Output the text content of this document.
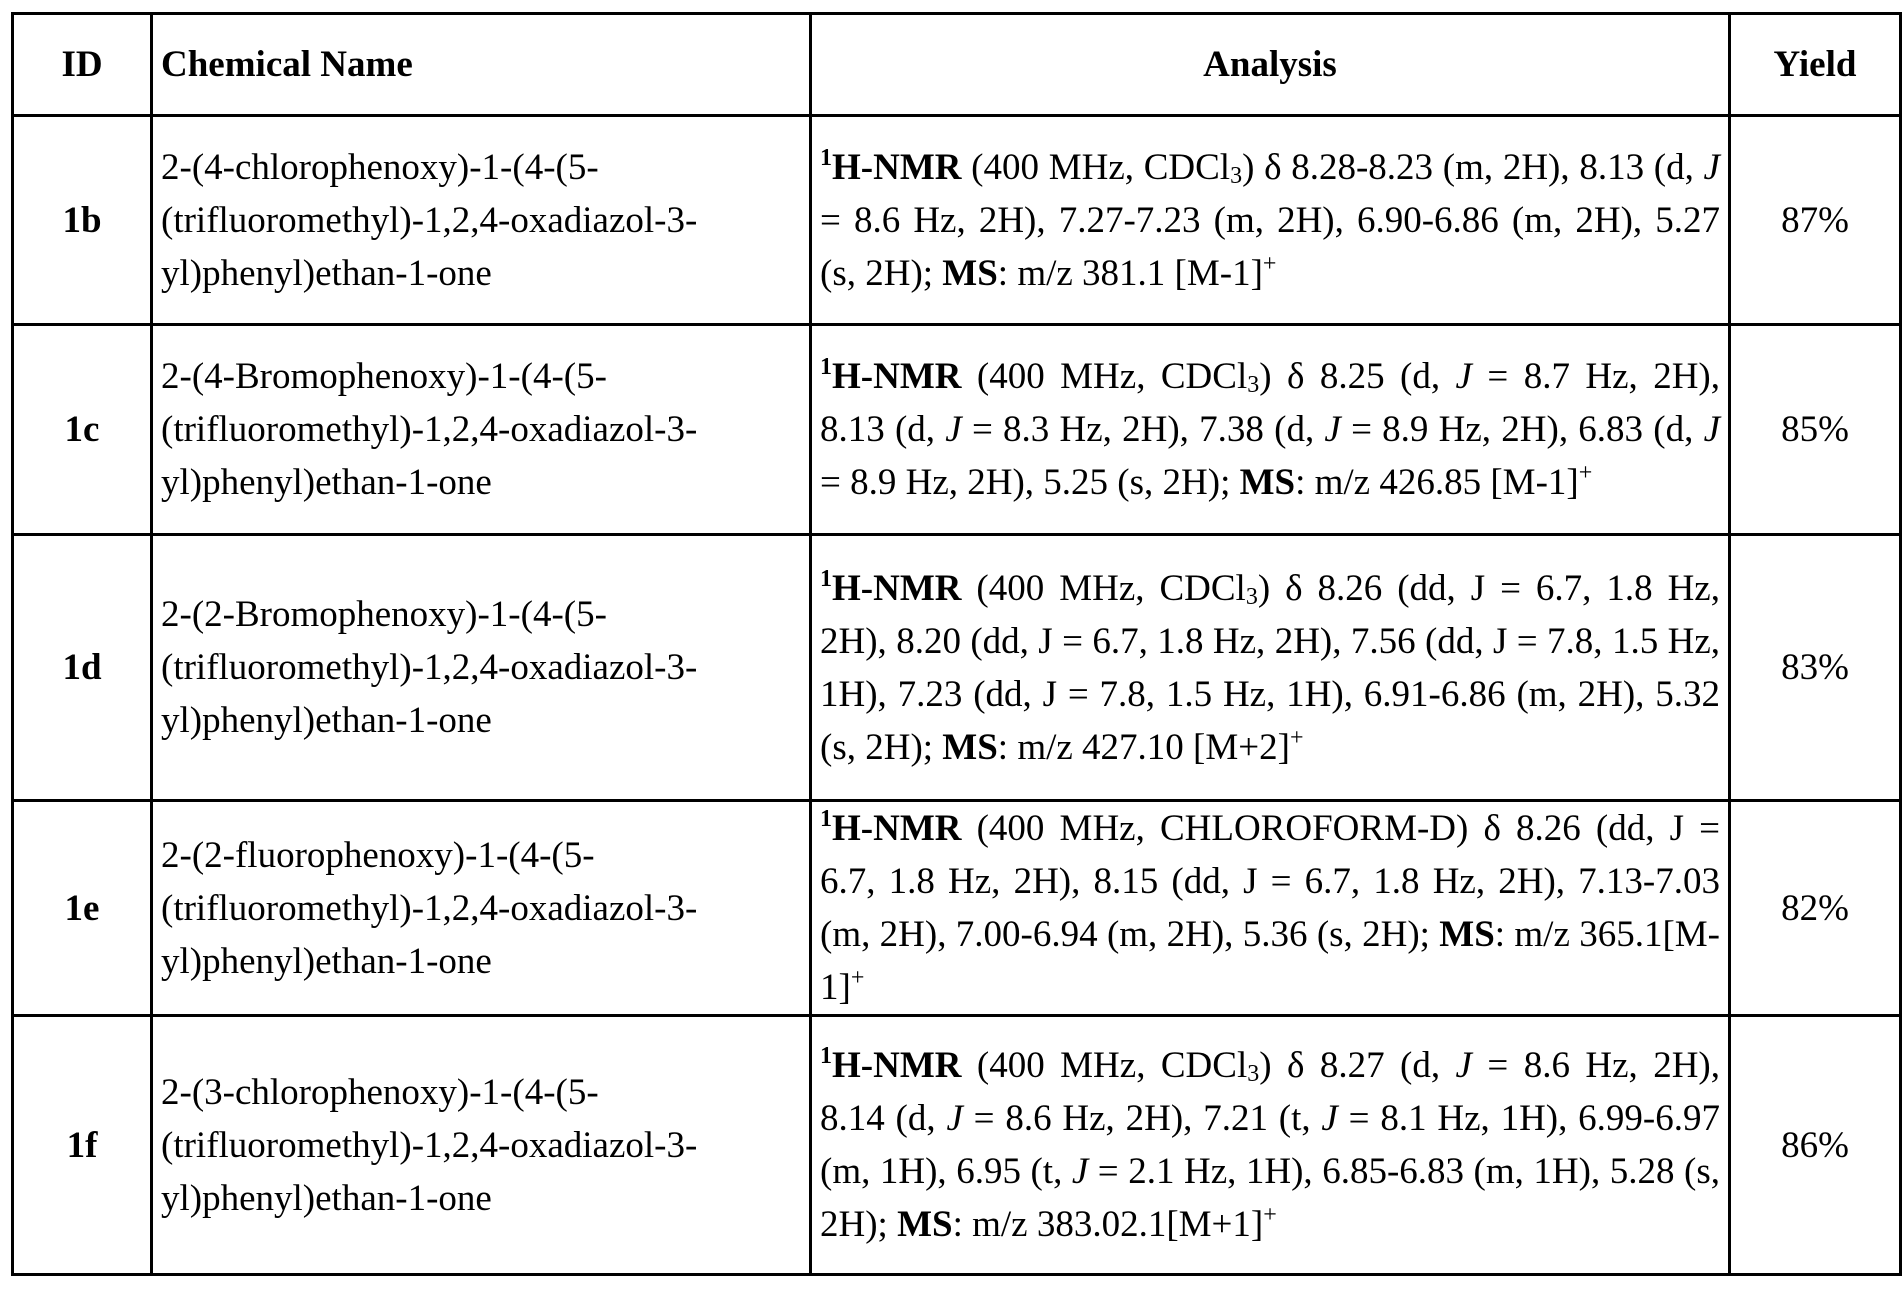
ID	Chemical Name	Analysis	Yield
1b	2-(4-chlorophenoxy)-1-(4-(5-(trifluoromethyl)-1,2,4-oxadiazol-3-yl)phenyl)ethan-1-one	$^1$H-NMR (400 MHz, CDCl$_3$) δ 8.28-8.23 (m, 2H), 8.13 (d, J = 8.6 Hz, 2H), 7.27-7.23 (m, 2H), 6.90-6.86 (m, 2H), 5.27 (s, 2H); MS: m/z 381.1 [M-1]+	87%
1c	2-(4-Bromophenoxy)-1-(4-(5-(trifluoromethyl)-1,2,4-oxadiazol-3-yl)phenyl)ethan-1-one	$^1$H-NMR (400 MHz, CDCl$_3$) δ 8.25 (d, J = 8.7 Hz, 2H), 8.13 (d, J = 8.3 Hz, 2H), 7.38 (d, J = 8.9 Hz, 2H), 6.83 (d, J = 8.9 Hz, 2H), 5.25 (s, 2H); MS: m/z 426.85 [M-1]+	85%
1d	2-(2-Bromophenoxy)-1-(4-(5-(trifluoromethyl)-1,2,4-oxadiazol-3-yl)phenyl)ethan-1-one	$^1$H-NMR (400 MHz, CDCl$_3$) δ 8.26 (dd, J = 6.7, 1.8 Hz, 2H), 8.20 (dd, J = 6.7, 1.8 Hz, 2H), 7.56 (dd, J = 7.8, 1.5 Hz, 1H), 7.23 (dd, J = 7.8, 1.5 Hz, 1H), 6.91-6.86 (m, 2H), 5.32 (s, 2H); MS: m/z 427.10 [M+2]+	83%
1e	2-(2-fluorophenoxy)-1-(4-(5-(trifluoromethyl)-1,2,4-oxadiazol-3-yl)phenyl)ethan-1-one	$^1$H-NMR (400 MHz, CHLOROFORM-D) δ 8.26 (dd, J = 6.7, 1.8 Hz, 2H), 8.15 (dd, J = 6.7, 1.8 Hz, 2H), 7.13-7.03 (m, 2H), 7.00-6.94 (m, 2H), 5.36 (s, 2H); MS: m/z 365.1[M-1]+	82%
1f	2-(3-chlorophenoxy)-1-(4-(5-(trifluoromethyl)-1,2,4-oxadiazol-3-yl)phenyl)ethan-1-one	$^1$H-NMR (400 MHz, CDCl$_3$) δ 8.27 (d, J = 8.6 Hz, 2H), 8.14 (d, J = 8.6 Hz, 2H), 7.21 (t, J = 8.1 Hz, 1H), 6.99-6.97 (m, 1H), 6.95 (t, J = 2.1 Hz, 1H), 6.85-6.83 (m, 1H), 5.28 (s, 2H); MS: m/z 383.02.1[M+1]+	86%
